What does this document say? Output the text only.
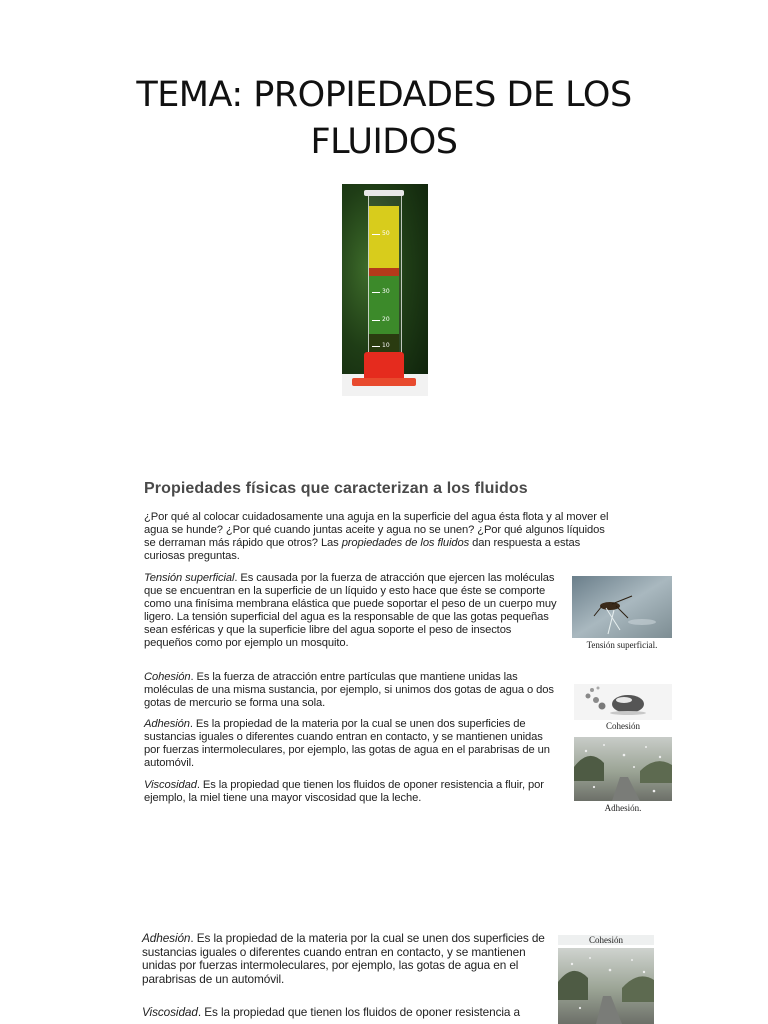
TEMA: PROPIEDADES DE LOS
FLUIDOS
50
30
20
10
Propiedades físicas que caracterizan a los fluidos

¿Por qué al colocar cuidadosamente una aguja en la superficie del agua ésta flota y al mover el agua se hunde? ¿Por qué cuando juntas aceite y agua no se unen? ¿Por qué algunos líquidos se derraman más rápido que otros? Las propiedades de los fluidos dan respuesta a estas curiosas preguntas.

Tensión superficial. Es causada por la fuerza de atracción que ejercen las moléculas que se encuentran en la superficie de un líquido y esto hace que éste se comporte como una finísima membrana elástica que puede soportar el peso de un cuerpo muy ligero. La tensión superficial del agua es la responsable de que las gotas pequeñas sean esféricas y que la superficie libre del agua soporte el peso de insectos pequeños como por ejemplo un mosquito.

Cohesión. Es la fuerza de atracción entre partículas que mantiene unidas las moléculas de una misma sustancia, por ejemplo, si unimos dos gotas de agua o dos gotas de mercurio se forma una sola.

Adhesión. Es la propiedad de la materia por la cual se unen dos superficies de sustancias iguales o diferentes cuando entran en contacto, y se mantienen unidas por fuerzas intermoleculares, por ejemplo, las gotas de agua en el parabrisas de un automóvil.

Viscosidad. Es la propiedad que tienen los fluidos de oponer resistencia a fluir, por ejemplo, la miel tiene una mayor viscosidad que la leche.

Tensión superficial.
Cohesión
Adhesión.

Adhesión. Es la propiedad de la materia por la cual se unen dos superficies de sustancias iguales o diferentes cuando entran en contacto, y se mantienen unidas por fuerzas intermoleculares, por ejemplo, las gotas de agua en el parabrisas de un automóvil.

Viscosidad. Es la propiedad que tienen los fluidos de oponer resistencia a

Cohesión
